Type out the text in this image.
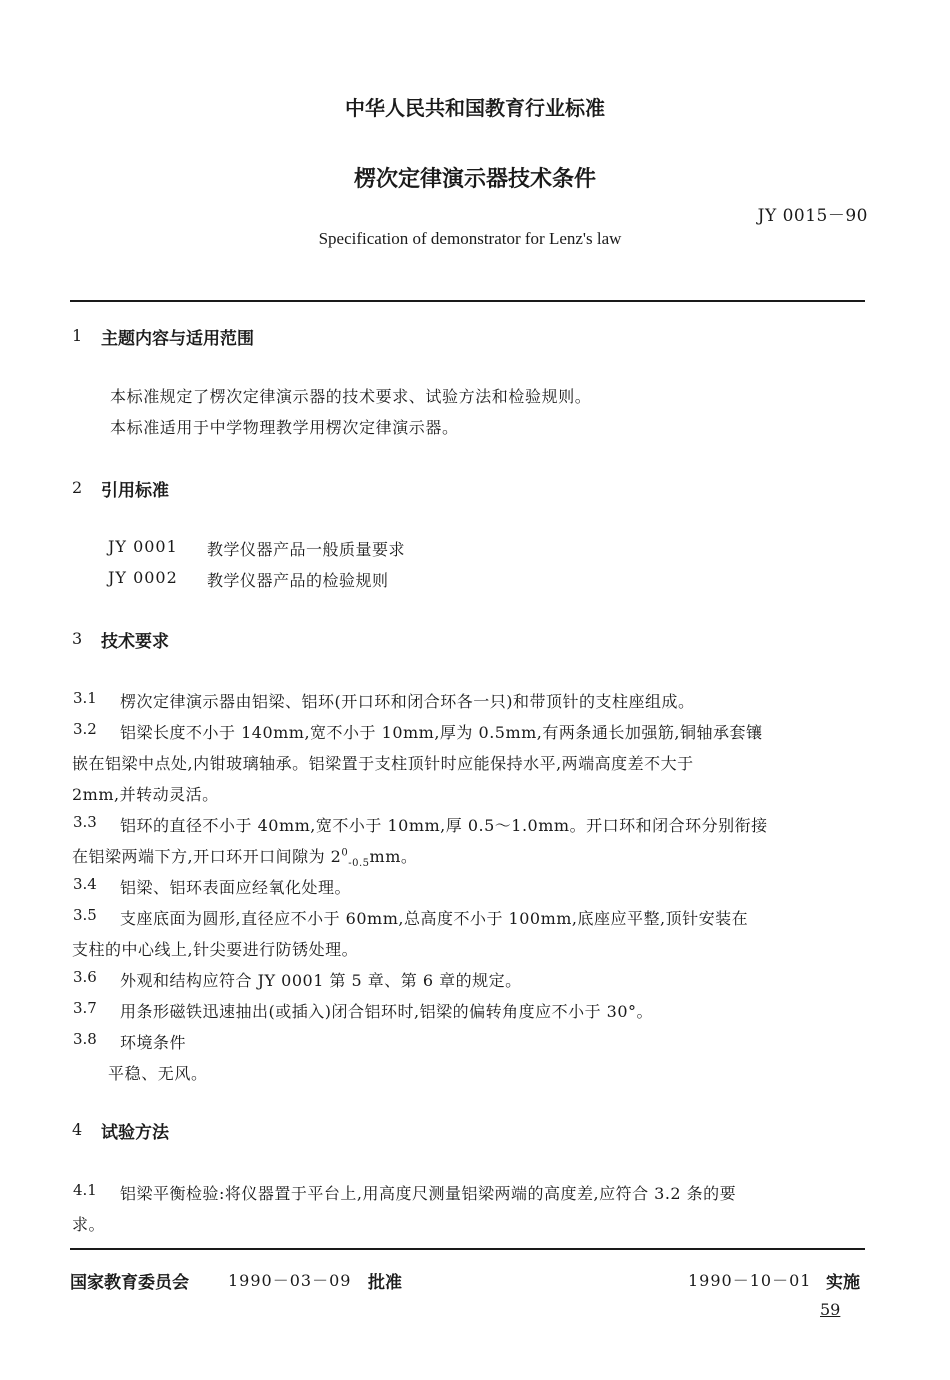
中华人民共和国教育行业标准
楞次定律演示器技术条件
JY 0015－90
Specification of demonstrator for Lenz's law
1 主题内容与适用范围
本标准规定了楞次定律演示器的技术要求、试验方法和检验规则。
本标准适用于中学物理教学用楞次定律演示器。
2 引用标准
JY 0001 教学仪器产品一般质量要求
JY 0002 教学仪器产品的检验规则
3 技术要求
3.1 楞次定律演示器由铝梁、铝环(开口环和闭合环各一只)和带顶针的支柱座组成。
3.2 铝梁长度不小于 140mm,宽不小于 10mm,厚为 0.5mm,有两条通长加强筋,铜轴承套镶
嵌在铝梁中点处,内钳玻璃轴承。铝梁置于支柱顶针时应能保持水平,两端高度差不大于
2mm,并转动灵活。
3.3 铝环的直径不小于 40mm,宽不小于 10mm,厚 0.5～1.0mm。开口环和闭合环分别衔接
在铝梁两端下方,开口环开口间隙为 $2^0_{-0.5}mm$。
3.4 铝梁、铝环表面应经氧化处理。
3.5 支座底面为圆形,直径应不小于 60mm,总高度不小于 100mm,底座应平整,顶针安装在
支柱的中心线上,针尖要进行防锈处理。
3.6 外观和结构应符合 JY 0001 第 5 章、第 6 章的规定。
3.7 用条形磁铁迅速抽出(或插入)闭合铝环时,铝梁的偏转角度应不小于 30°。
3.8 环境条件
平稳、无风。
4 试验方法
4.1 铝梁平衡检验:将仪器置于平台上,用高度尺测量铝梁两端的高度差,应符合 3.2 条的要
求。
国家教育委员会 1990－03－09 批准	1990－10－01 实施
59
